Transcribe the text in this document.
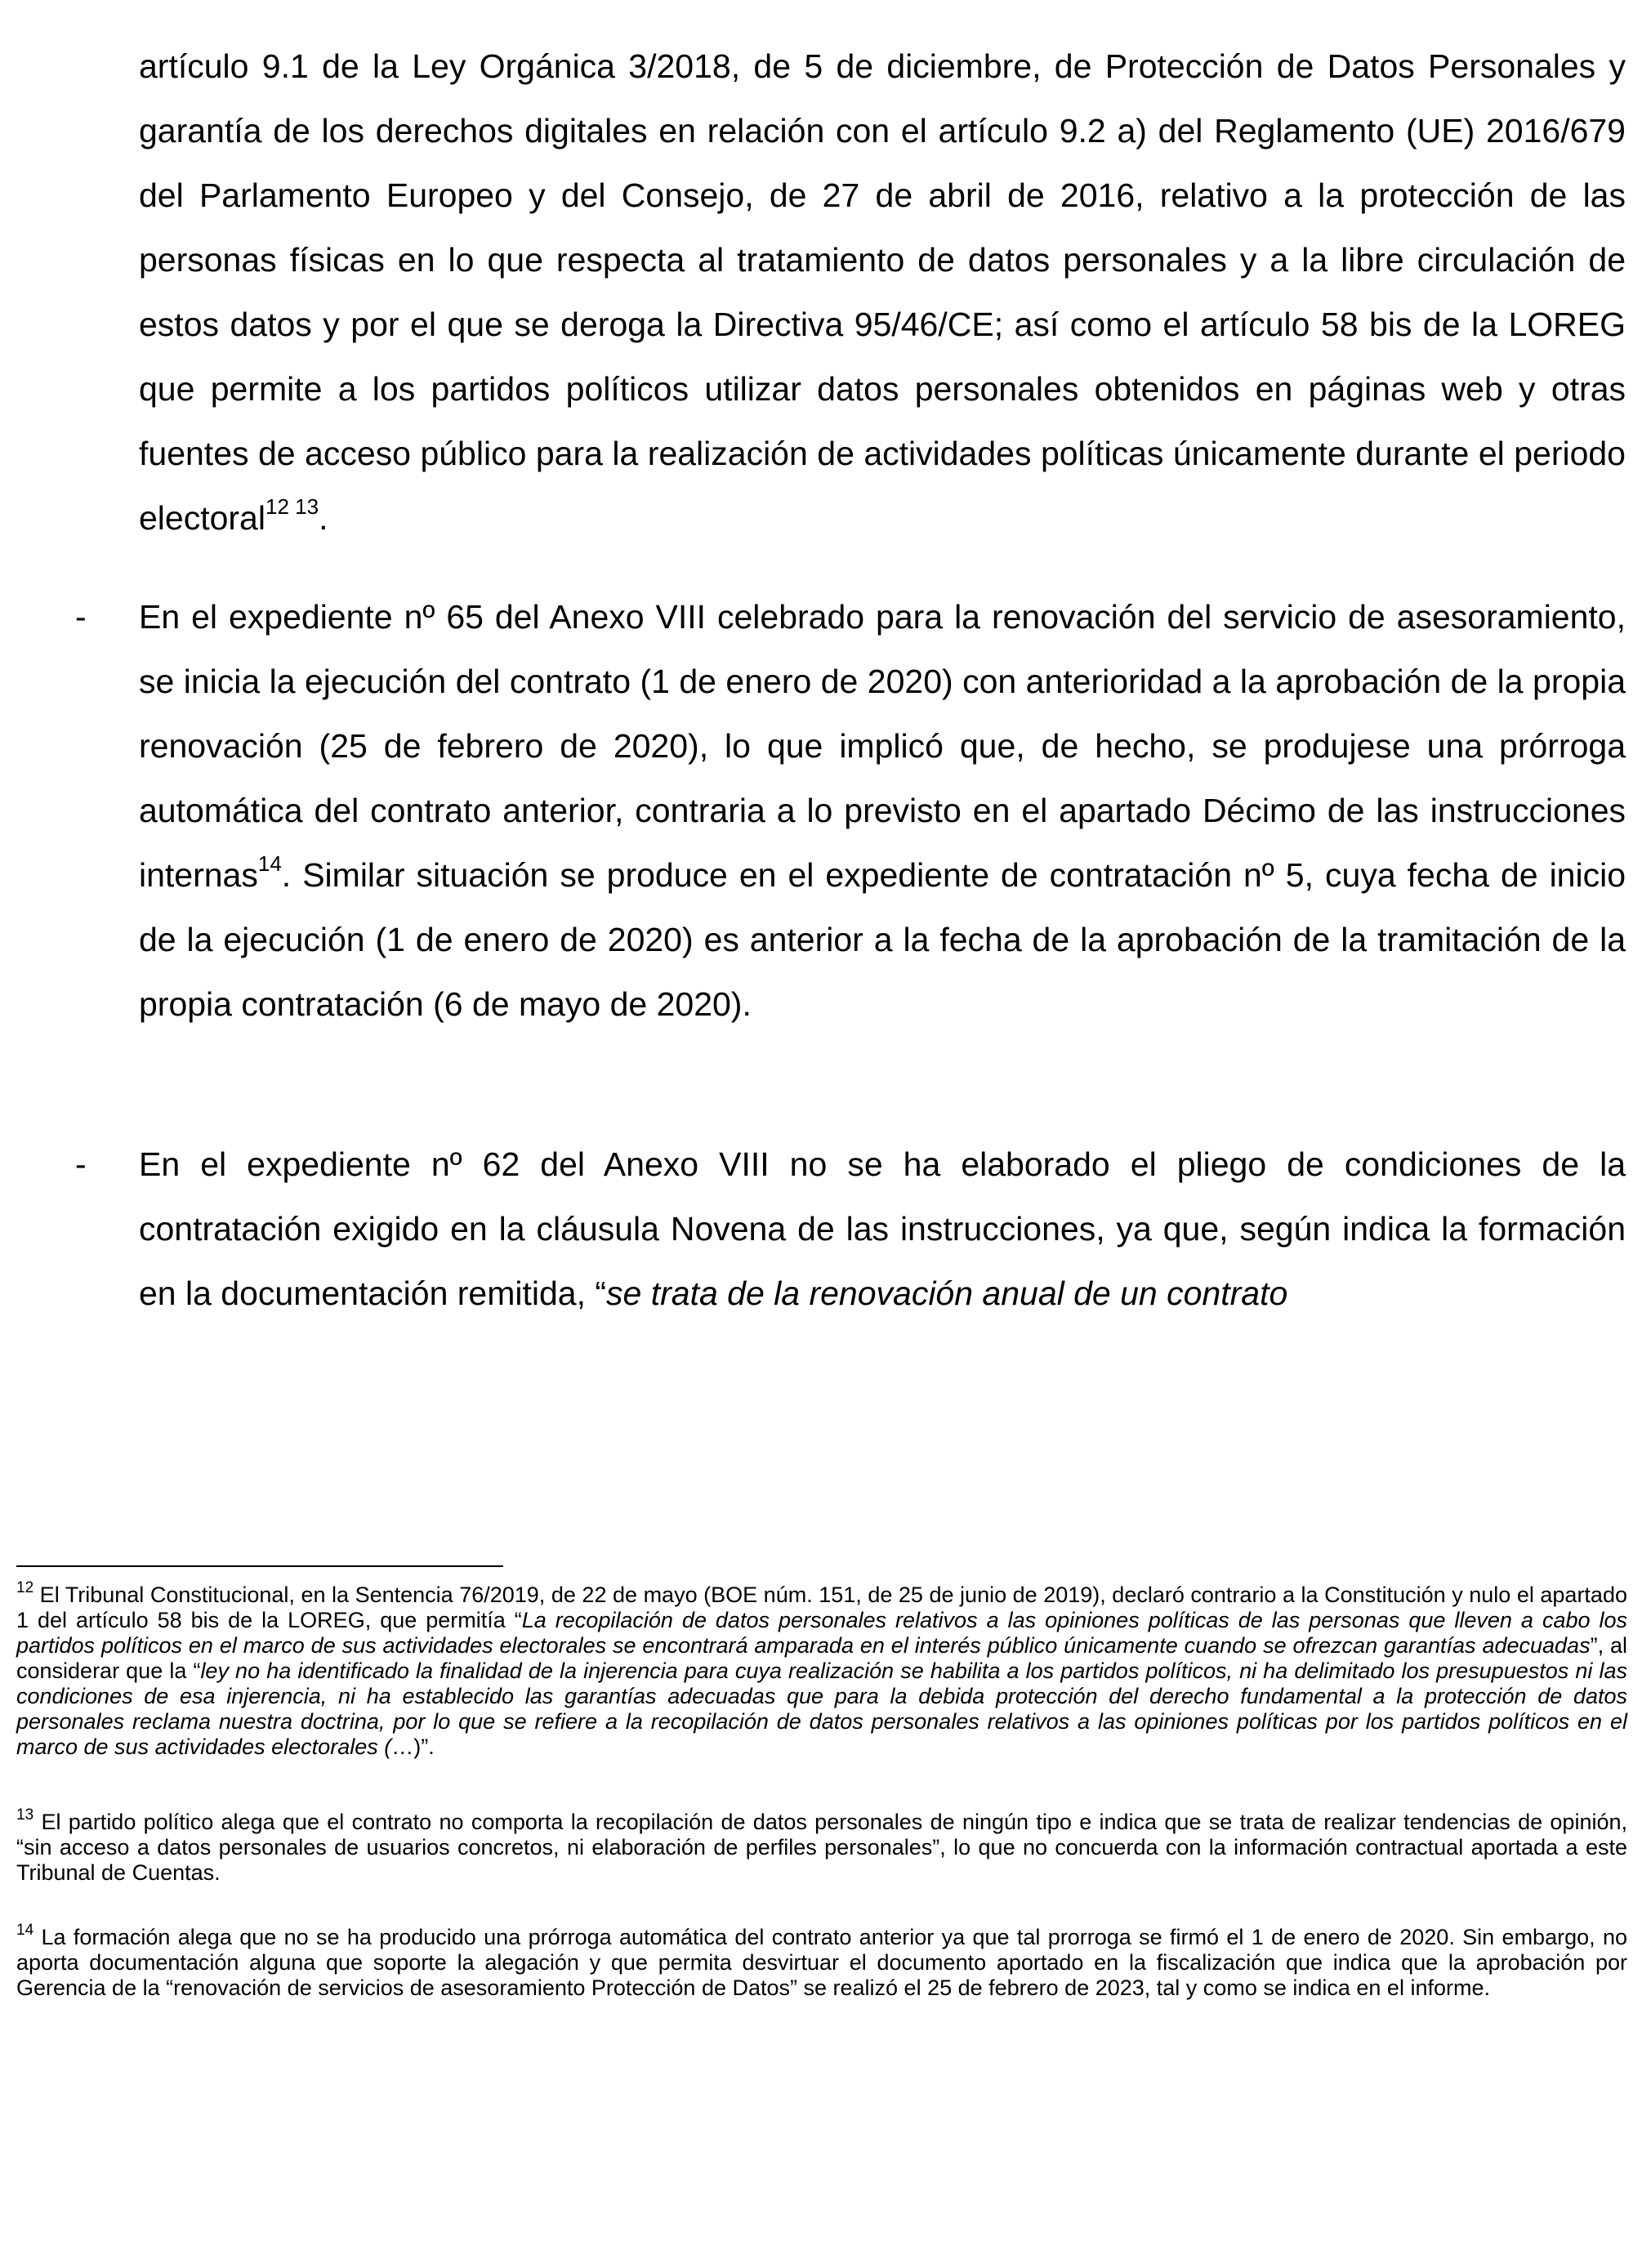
artículo 9.1 de la Ley Orgánica 3/2018, de 5 de diciembre, de Protección de Datos Personales y garantía de los derechos digitales en relación con el artículo 9.2 a) del Reglamento (UE) 2016/679 del Parlamento Europeo y del Consejo, de 27 de abril de 2016, relativo a la protección de las personas físicas en lo que respecta al tratamiento de datos personales y a la libre circulación de estos datos y por el que se deroga la Directiva 95/46/CE; así como el artículo 58 bis de la LOREG que permite a los partidos políticos utilizar datos personales obtenidos en páginas web y otras fuentes de acceso público para la realización de actividades políticas únicamente durante el periodo electoral$^{12}$ $^{13}$.

- En el expediente nº 65 del Anexo VIII celebrado para la renovación del servicio de asesoramiento, se inicia la ejecución del contrato (1 de enero de 2020) con anterioridad a la aprobación de la propia renovación (25 de febrero de 2020), lo que implicó que, de hecho, se produjese una prórroga automática del contrato anterior, contraria a lo previsto en el apartado Décimo de las instrucciones internas$^{14}$. Similar situación se produce en el expediente de contratación nº 5, cuya fecha de inicio de la ejecución (1 de enero de 2020) es anterior a la fecha de la aprobación de la tramitación de la propia contratación (6 de mayo de 2020).

- En el expediente nº 62 del Anexo VIII no se ha elaborado el pliego de condiciones de la contratación exigido en la cláusula Novena de las instrucciones, ya que, según indica la formación en la documentación remitida, “se trata de la renovación anual de un contrato

$^{12}$ El Tribunal Constitucional, en la Sentencia 76/2019, de 22 de mayo (BOE núm. 151, de 25 de junio de 2019), declaró contrario a la Constitución y nulo el apartado 1 del artículo 58 bis de la LOREG, que permitía “La recopilación de datos personales relativos a las opiniones políticas de las personas que lleven a cabo los partidos políticos en el marco de sus actividades electorales se encontrará amparada en el interés público únicamente cuando se ofrezcan garantías adecuadas”, al considerar que la “ley no ha identificado la finalidad de la injerencia para cuya realización se habilita a los partidos políticos, ni ha delimitado los presupuestos ni las condiciones de esa injerencia, ni ha establecido las garantías adecuadas que para la debida protección del derecho fundamental a la protección de datos personales reclama nuestra doctrina, por lo que se refiere a la recopilación de datos personales relativos a las opiniones políticas por los partidos políticos en el marco de sus actividades electorales (…)”.

$^{13}$ El partido político alega que el contrato no comporta la recopilación de datos personales de ningún tipo e indica que se trata de realizar tendencias de opinión, “sin acceso a datos personales de usuarios concretos, ni elaboración de perfiles personales”, lo que no concuerda con la información contractual aportada a este Tribunal de Cuentas.

$^{14}$ La formación alega que no se ha producido una prórroga automática del contrato anterior ya que tal prorroga se firmó el 1 de enero de 2020. Sin embargo, no aporta documentación alguna que soporte la alegación y que permita desvirtuar el documento aportado en la fiscalización que indica que la aprobación por Gerencia de la “renovación de servicios de asesoramiento Protección de Datos” se realizó el 25 de febrero de 2023, tal y como se indica en el informe.
